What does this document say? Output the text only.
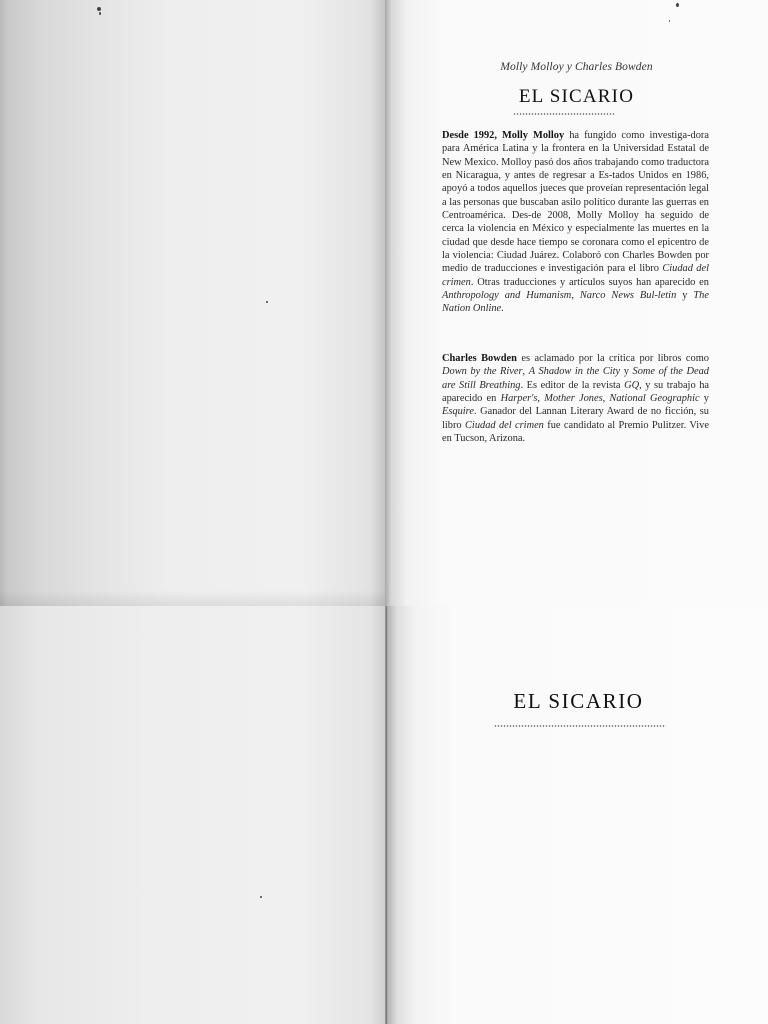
Molly Molloy y Charles Bowden
EL SICARIO

Desde 1992, Molly Molloy ha fungido como investiga-dora para América Latina y la frontera en la Universidad Estatal de New Mexico. Molloy pasó dos años trabajando como traductora en Nicaragua, y antes de regresar a Es-tados Unidos en 1986, apoyó a todos aquellos jueces que proveían representación legal a las personas que buscaban asilo político durante las guerras en Centroamérica. Des-de 2008, Molly Molloy ha seguido de cerca la violencia en México y especialmente las muertes en la ciudad que desde hace tiempo se coronara como el epicentro de la violencia: Ciudad Juárez. Colaboró con Charles Bowden por medio de traducciones e investigación para el libro Ciudad del crimen. Otras traducciones y artículos suyos han aparecido en Anthropology and Humanism, Narco News Bul-letin y The Nation Online.

Charles Bowden es aclamado por la crítica por libros como Down by the River, A Shadow in the City y Some of the Dead are Still Breathing. Es editor de la revista GQ, y su trabajo ha aparecido en Harper's, Mother Jones, National Geographic y Esquire. Ganador del Lannan Literary Award de no ficción, su libro Ciudad del crimen fue candidato al Premio Pulitzer. Vive en Tucson, Arizona.

EL SICARIO
